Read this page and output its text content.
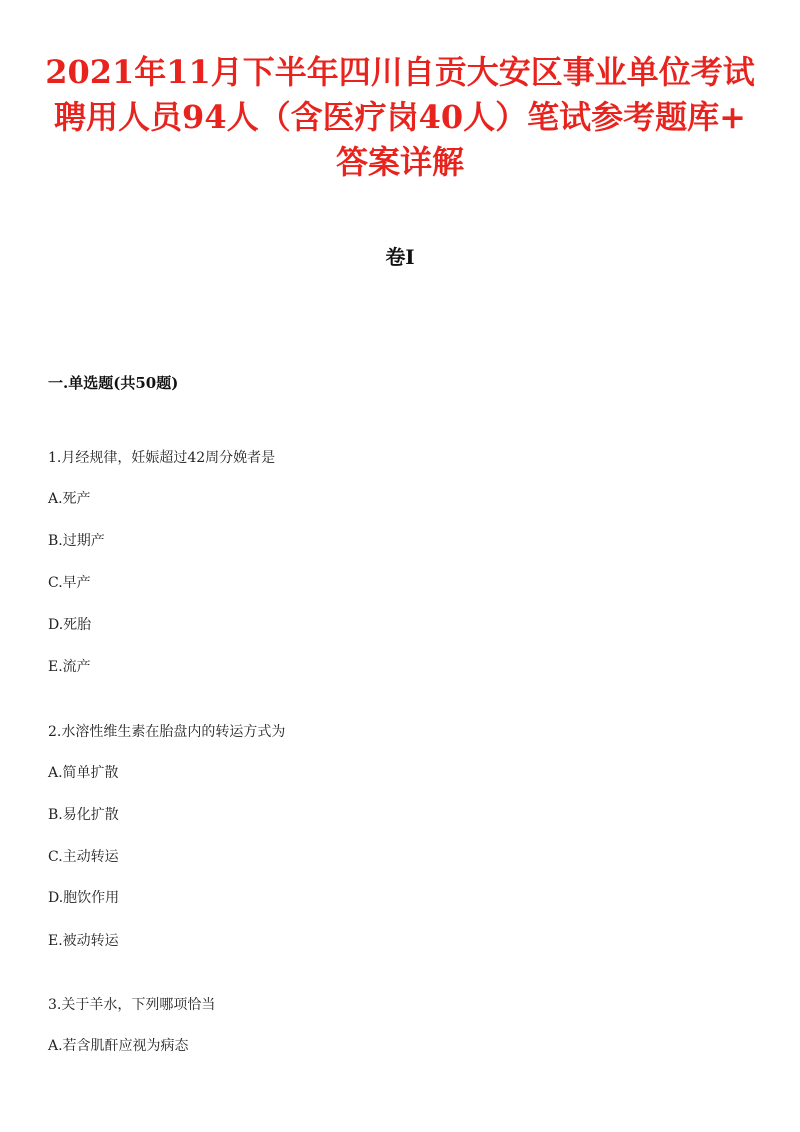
2021年11月下半年四川自贡大安区事业单位考试
聘用人员94人（含医疗岗40人）笔试参考题库+
答案详解
卷I
一.单选题(共50题)
1.月经规律，妊娠超过42周分娩者是
A.死产
B.过期产
C.早产
D.死胎
E.流产
2.水溶性维生素在胎盘内的转运方式为
A.简单扩散
B.易化扩散
C.主动转运
D.胞饮作用
E.被动转运
3.关于羊水，下列哪项恰当
A.若含肌酐应视为病态
